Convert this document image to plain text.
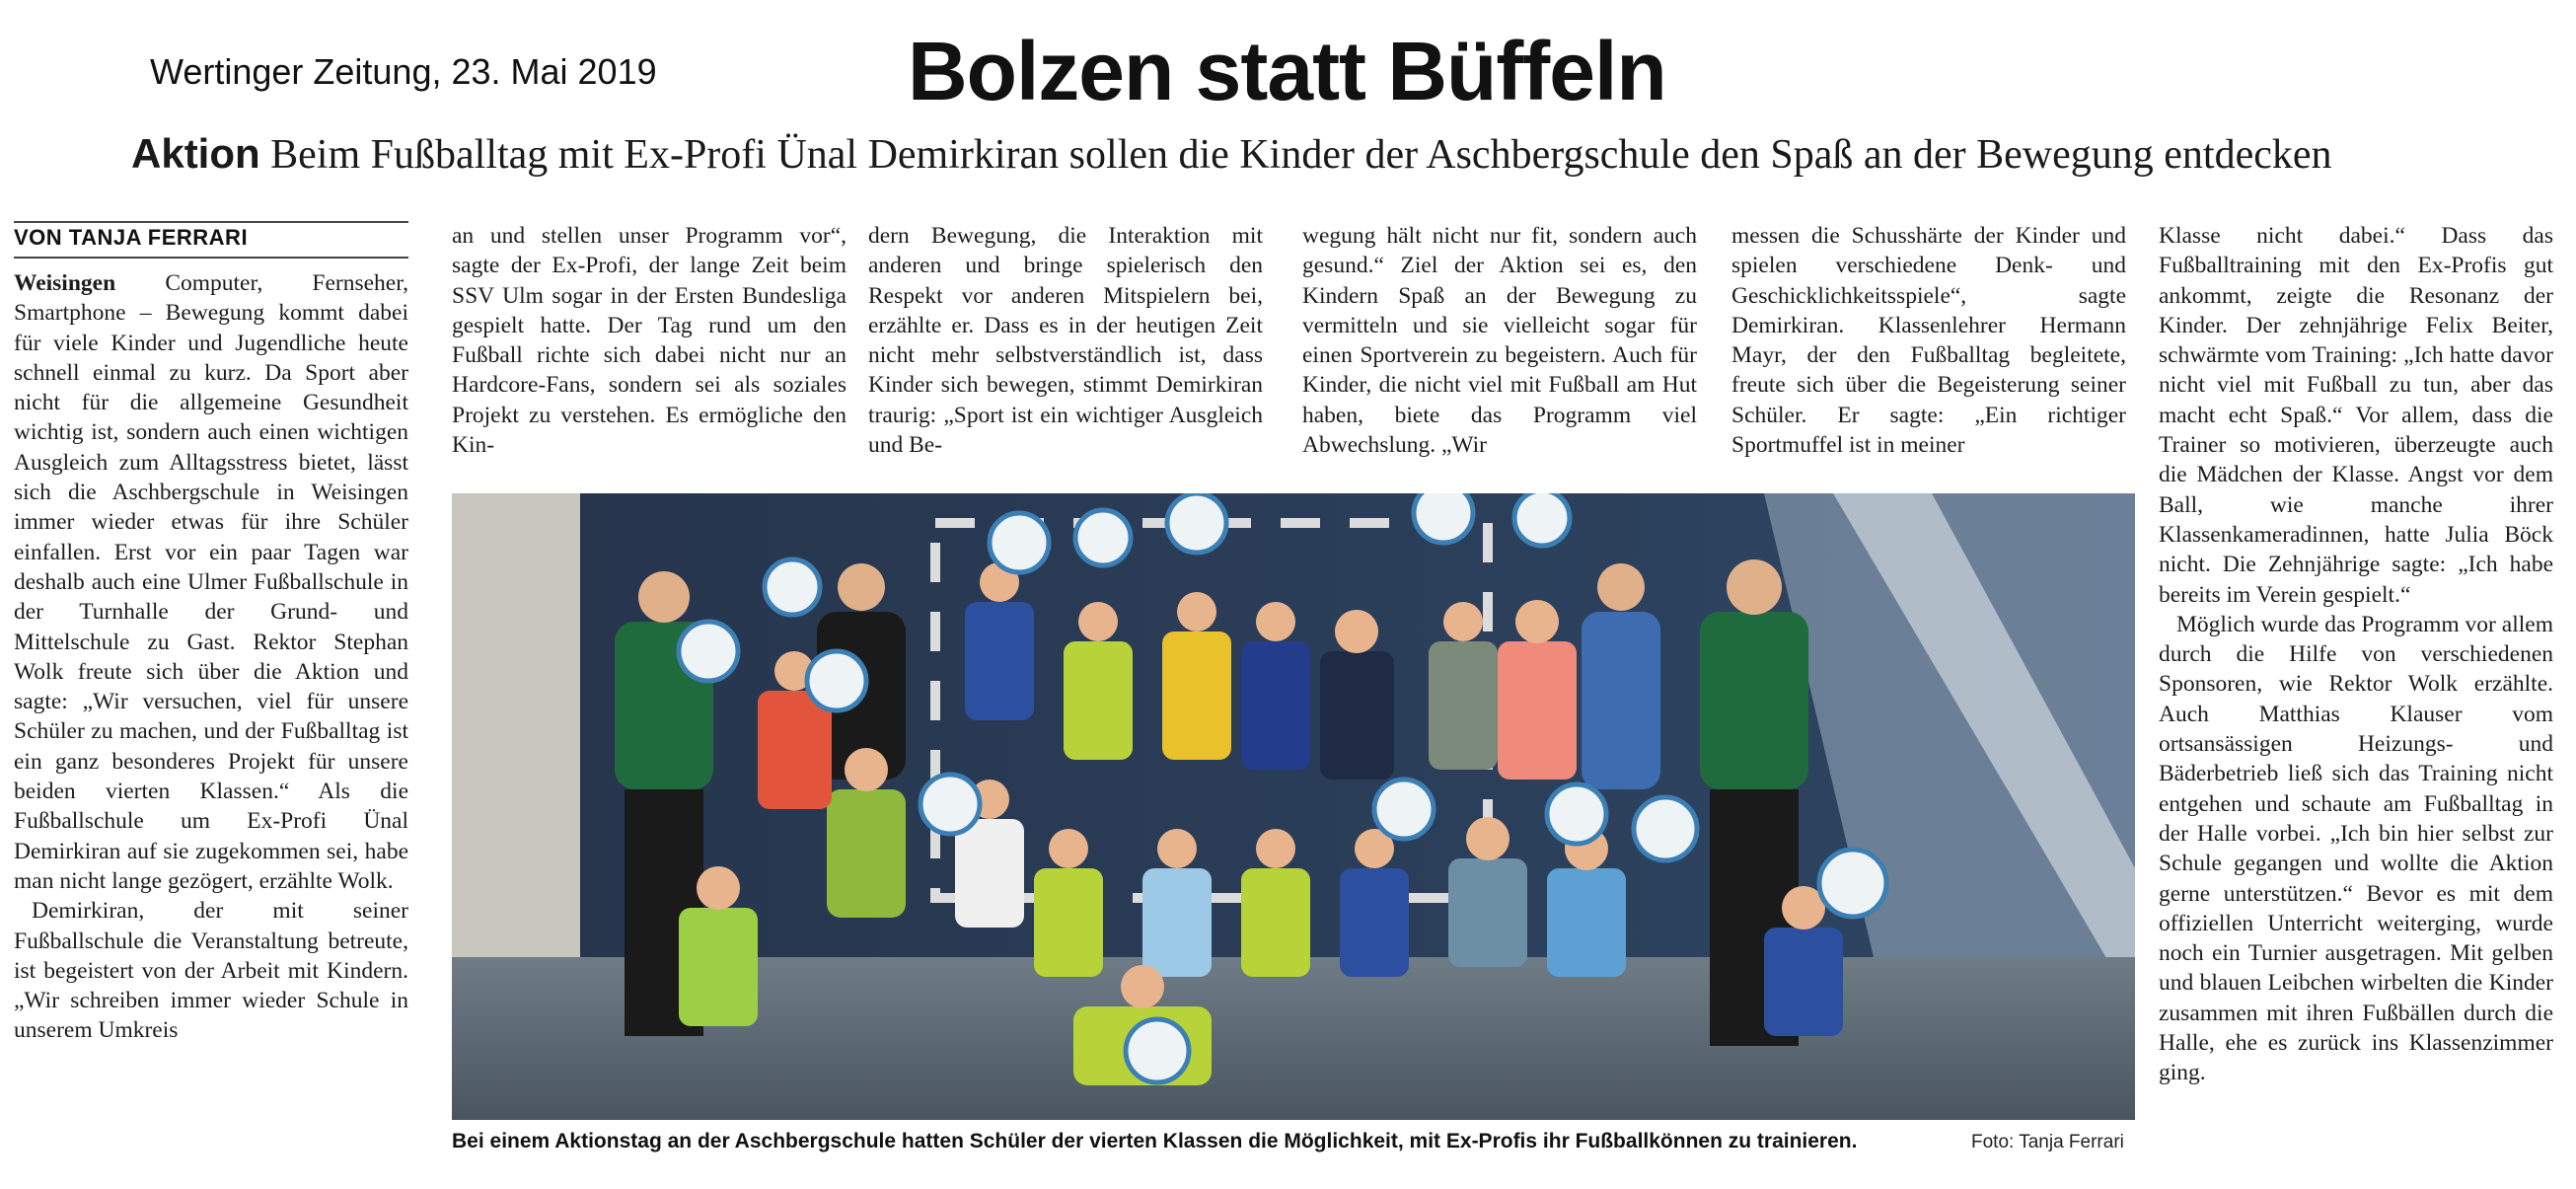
Wertinger Zeitung, 23. Mai 2019	Bolzen statt Büffeln
Aktion Beim Fußballtag mit Ex-Profi Ünal Demirkiran sollen die Kinder der Aschbergschule den Spaß an der Bewegung entdecken
VON TANJA FERRARI

Weisingen Computer, Fernseher, Smartphone – Bewegung kommt dabei für viele Kinder und Jugendliche heute schnell einmal zu kurz. Da Sport aber nicht für die allgemeine Gesundheit wichtig ist, sondern auch einen wichtigen Ausgleich zum Alltagsstress bietet, lässt sich die Aschbergschule in Weisingen immer wieder etwas für ihre Schüler einfallen. Erst vor ein paar Tagen war deshalb auch eine Ulmer Fußballschule in der Turnhalle der Grund- und Mittelschule zu Gast. Rektor Stephan Wolk freute sich über die Aktion und sagte: „Wir versuchen, viel für unsere Schüler zu machen, und der Fußballtag ist ein ganz besonderes Projekt für unsere beiden vierten Klassen.“ Als die Fußballschule um Ex-Profi Ünal Demirkiran auf sie zugekommen sei, habe man nicht lange gezögert, erzählte Wolk.

Demirkiran, der mit seiner Fußballschule die Veranstaltung betreute, ist begeistert von der Arbeit mit Kindern. „Wir schreiben immer wieder Schule in unserem Umkreis

an und stellen unser Programm vor“, sagte der Ex-Profi, der lange Zeit beim SSV Ulm sogar in der Ersten Bundesliga gespielt hatte. Der Tag rund um den Fußball richte sich dabei nicht nur an Hardcore-Fans, sondern sei als soziales Projekt zu verstehen. Es ermögliche den Kin-

dern Bewegung, die Interaktion mit anderen und bringe spielerisch den Respekt vor anderen Mitspielern bei, erzählte er. Dass es in der heutigen Zeit nicht mehr selbstverständlich ist, dass Kinder sich bewegen, stimmt Demirkiran traurig: „Sport ist ein wichtiger Ausgleich und Be-

wegung hält nicht nur fit, sondern auch gesund.“ Ziel der Aktion sei es, den Kindern Spaß an der Bewegung zu vermitteln und sie vielleicht sogar für einen Sportverein zu begeistern. Auch für Kinder, die nicht viel mit Fußball am Hut haben, biete das Programm viel Abwechslung. „Wir

messen die Schusshärte der Kinder und spielen verschiedene Denk- und Geschicklichkeitsspiele“, sagte Demirkiran. Klassenlehrer Hermann Mayr, der den Fußballtag begleitete, freute sich über die Begeisterung seiner Schüler. Er sagte: „Ein richtiger Sportmuffel ist in meiner

Klasse nicht dabei.“ Dass das Fußballtraining mit den Ex-Profis gut ankommt, zeigte die Resonanz der Kinder. Der zehnjährige Felix Beiter, schwärmte vom Training: „Ich hatte davor nicht viel mit Fußball zu tun, aber das macht echt Spaß.“ Vor allem, dass die Trainer so motivieren, überzeugte auch die Mädchen der Klasse. Angst vor dem Ball, wie manche ihrer Klassenkameradinnen, hatte Julia Böck nicht. Die Zehnjährige sagte: „Ich habe bereits im Verein gespielt.“

Möglich wurde das Programm vor allem durch die Hilfe von verschiedenen Sponsoren, wie Rektor Wolk erzählte. Auch Matthias Klauser vom ortsansässigen Heizungs- und Bäderbetrieb ließ sich das Training nicht entgehen und schaute am Fußballtag in der Halle vorbei. „Ich bin hier selbst zur Schule gegangen und wollte die Aktion gerne unterstützen.“ Bevor es mit dem offiziellen Unterricht weiterging, wurde noch ein Turnier ausgetragen. Mit gelben und blauen Leibchen wirbelten die Kinder zusammen mit ihren Fußbällen durch die Halle, ehe es zurück ins Klassenzimmer ging.

Bei einem Aktionstag an der Aschbergschule hatten Schüler der vierten Klassen die Möglichkeit, mit Ex-Profis ihr Fußballkönnen zu trainieren.	Foto: Tanja Ferrari
